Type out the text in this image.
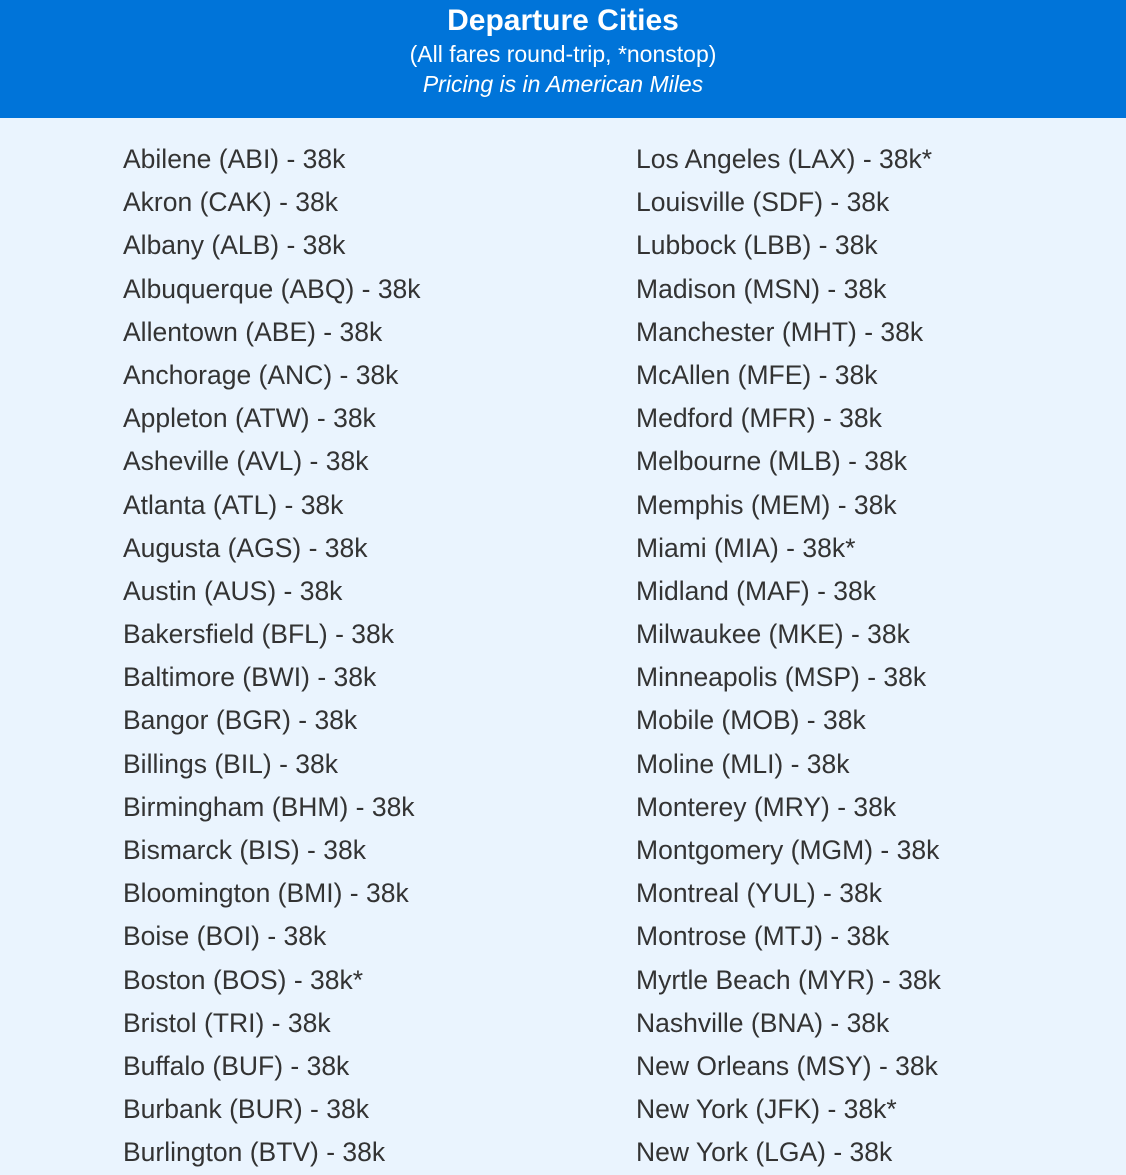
Departure Cities
(All fares round-trip, *nonstop)
Pricing is in American Miles
Abilene (ABI) - 38k
Akron (CAK) - 38k
Albany (ALB) - 38k
Albuquerque (ABQ) - 38k
Allentown (ABE) - 38k
Anchorage (ANC) - 38k
Appleton (ATW) - 38k
Asheville (AVL) - 38k
Atlanta (ATL) - 38k
Augusta (AGS) - 38k
Austin (AUS) - 38k
Bakersfield (BFL) - 38k
Baltimore (BWI) - 38k
Bangor (BGR) - 38k
Billings (BIL) - 38k
Birmingham (BHM) - 38k
Bismarck (BIS) - 38k
Bloomington (BMI) - 38k
Boise (BOI) - 38k
Boston (BOS) - 38k*
Bristol (TRI) - 38k
Buffalo (BUF) - 38k
Burbank (BUR) - 38k
Burlington (BTV) - 38k
Los Angeles (LAX) - 38k*
Louisville (SDF) - 38k
Lubbock (LBB) - 38k
Madison (MSN) - 38k
Manchester (MHT) - 38k
McAllen (MFE) - 38k
Medford (MFR) - 38k
Melbourne (MLB) - 38k
Memphis (MEM) - 38k
Miami (MIA) - 38k*
Midland (MAF) - 38k
Milwaukee (MKE) - 38k
Minneapolis (MSP) - 38k
Mobile (MOB) - 38k
Moline (MLI) - 38k
Monterey (MRY) - 38k
Montgomery (MGM) - 38k
Montreal (YUL) - 38k
Montrose (MTJ) - 38k
Myrtle Beach (MYR) - 38k
Nashville (BNA) - 38k
New Orleans (MSY) - 38k
New York (JFK) - 38k*
New York (LGA) - 38k
